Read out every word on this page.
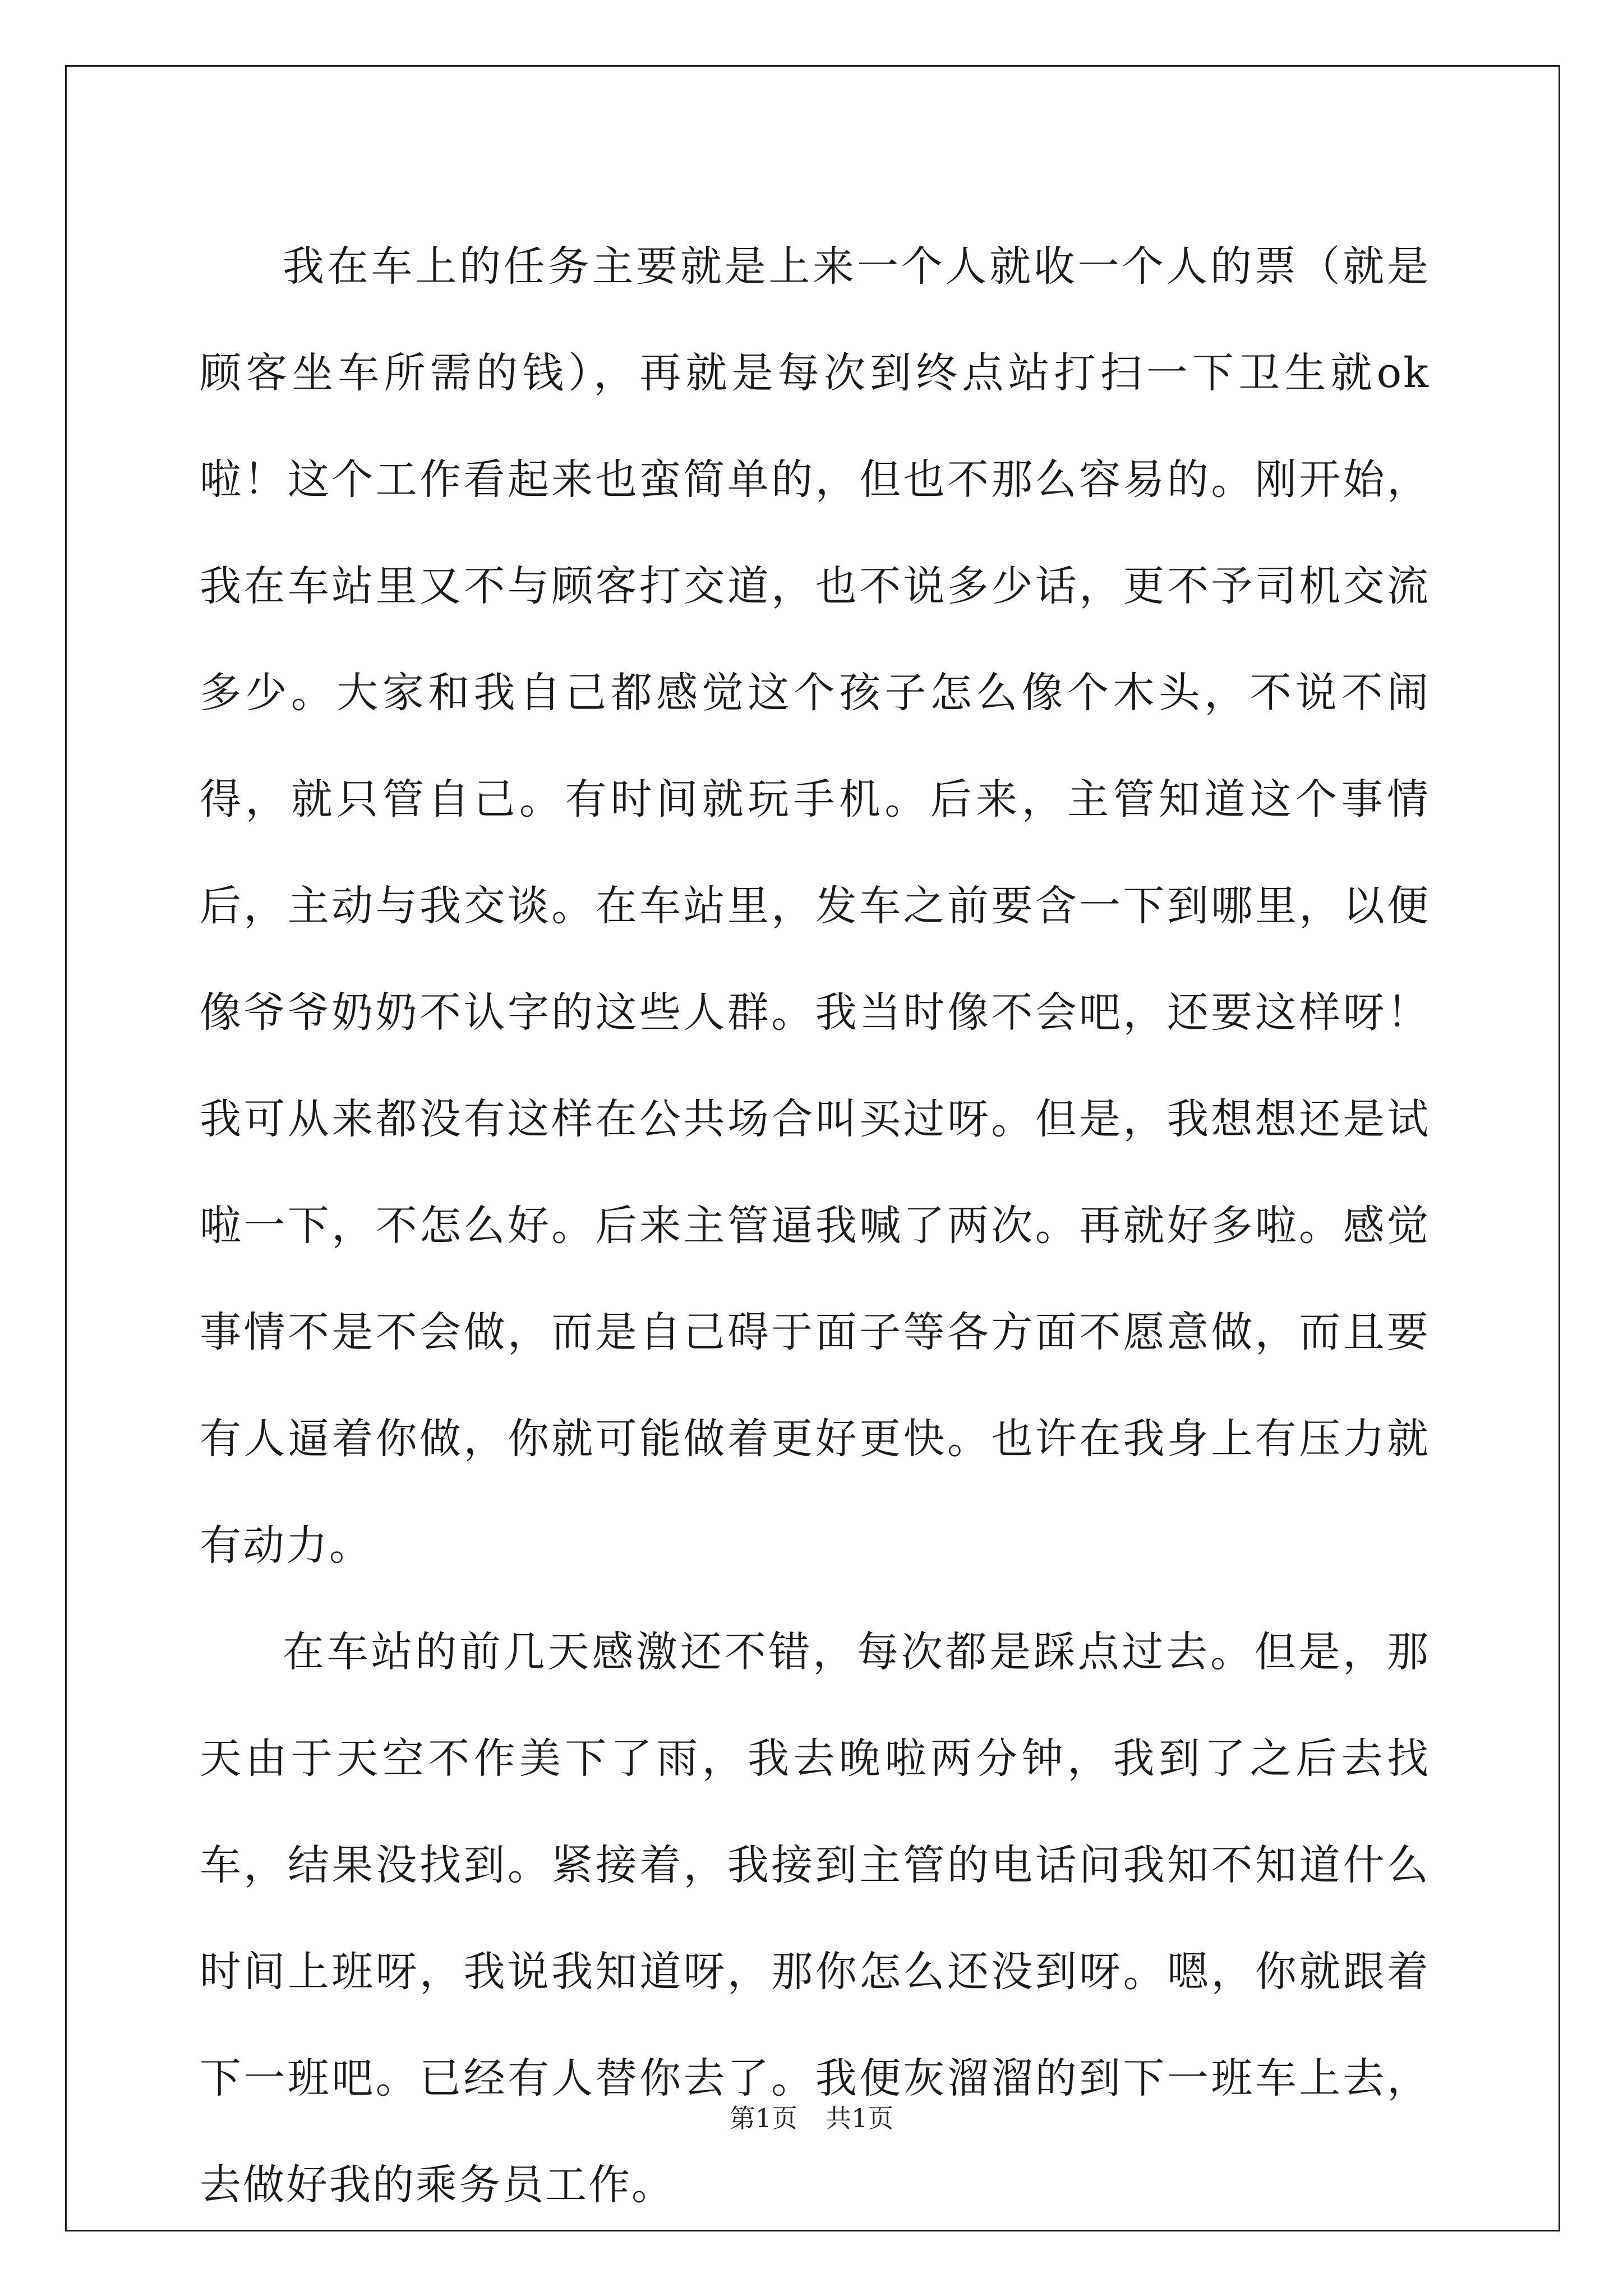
我在车上的任务主要就是上来一个人就收一个人的票（就是顾客坐车所需的钱），再就是每次到终点站打扫一下卫生就ok啦！这个工作看起来也蛮简单的，但也不那么容易的。刚开始，我在车站里又不与顾客打交道，也不说多少话，更不予司机交流多少。大家和我自己都感觉这个孩子怎么像个木头，不说不闹得，就只管自己。有时间就玩手机。后来，主管知道这个事情后，主动与我交谈。在车站里，发车之前要含一下到哪里，以便像爷爷奶奶不认字的这些人群。我当时像不会吧，还要这样呀！我可从来都没有这样在公共场合叫买过呀。但是，我想想还是试啦一下，不怎么好。后来主管逼我喊了两次。再就好多啦。感觉事情不是不会做，而是自己碍于面子等各方面不愿意做，而且要有人逼着你做，你就可能做着更好更快。也许在我身上有压力就有动力。

在车站的前几天感激还不错，每次都是踩点过去。但是，那天由于天空不作美下了雨，我去晚啦两分钟，我到了之后去找车，结果没找到。紧接着，我接到主管的电话问我知不知道什么时间上班呀，我说我知道呀，那你怎么还没到呀。嗯，你就跟着下一班吧。已经有人替你去了。我便灰溜溜的到下一班车上去，去做好我的乘务员工作。

第1页 共1页
